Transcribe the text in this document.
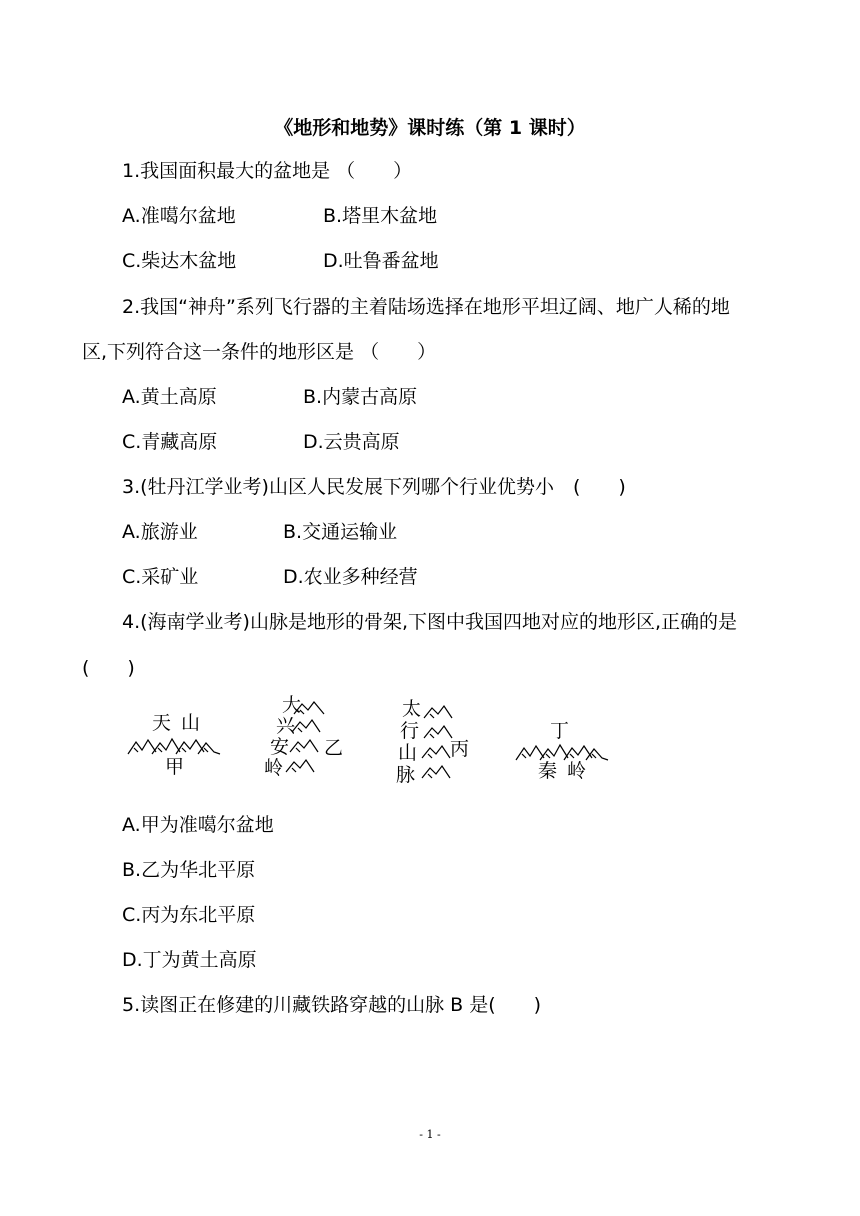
《地形和地势》课时练（第 1 课时）
1.我国面积最大的盆地是 （　　）
A.准噶尔盆地	B.塔里木盆地
C.柴达木盆地	D.吐鲁番盆地
2.我国“神舟”系列飞行器的主着陆场选择在地形平坦辽阔、地广人稀的地
区,下列符合这一条件的地形区是 （　　）
A.黄土高原	B.内蒙古高原
C.青藏高原	D.云贵高原
3.(牡丹江学业考)山区人民发展下列哪个行业优势小　(　　)
A.旅游业	B.交通运输业
C.采矿业	D.农业多种经营
4.(海南学业考)山脉是地形的骨架,下图中我国四地对应的地形区,正确的是
(　　)
天 山
甲
大
兴
安
岭
乙
太
行
山
脉
丙
丁
秦 岭
A.甲为准噶尔盆地
B.乙为华北平原
C.丙为东北平原
D.丁为黄土高原
5.读图正在修建的川藏铁路穿越的山脉 B 是(　　)
- 1 -
